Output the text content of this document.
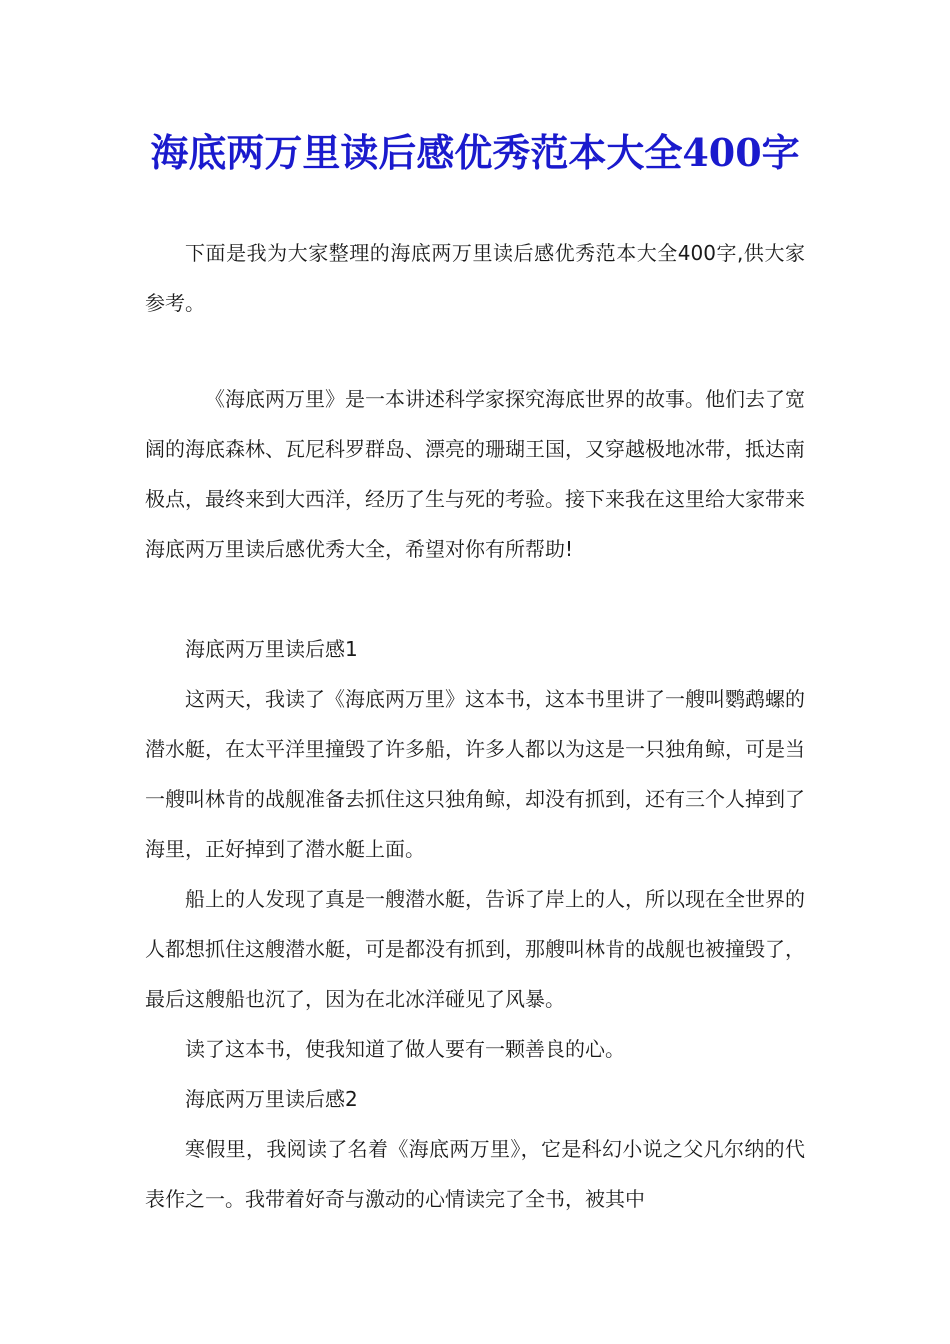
海底两万里读后感优秀范本大全400字

下面是我为大家整理的海底两万里读后感优秀范本大全400字,供大家参考。

《海底两万里》是一本讲述科学家探究海底世界的故事。他们去了宽阔的海底森林、瓦尼科罗群岛、漂亮的珊瑚王国，又穿越极地冰带，抵达南极点，最终来到大西洋，经历了生与死的考验。接下来我在这里给大家带来海底两万里读后感优秀大全，希望对你有所帮助!

海底两万里读后感1

这两天，我读了《海底两万里》这本书，这本书里讲了一艘叫鹦鹉螺的潜水艇，在太平洋里撞毁了许多船，许多人都以为这是一只独角鲸，可是当一艘叫林肯的战舰准备去抓住这只独角鲸，却没有抓到，还有三个人掉到了海里，正好掉到了潜水艇上面。

船上的人发现了真是一艘潜水艇，告诉了岸上的人，所以现在全世界的人都想抓住这艘潜水艇，可是都没有抓到，那艘叫林肯的战舰也被撞毁了，最后这艘船也沉了，因为在北冰洋碰见了风暴。

读了这本书，使我知道了做人要有一颗善良的心。

海底两万里读后感2

寒假里，我阅读了名着《海底两万里》，它是科幻小说之父凡尔纳的代表作之一。我带着好奇与激动的心情读完了全书，被其中
